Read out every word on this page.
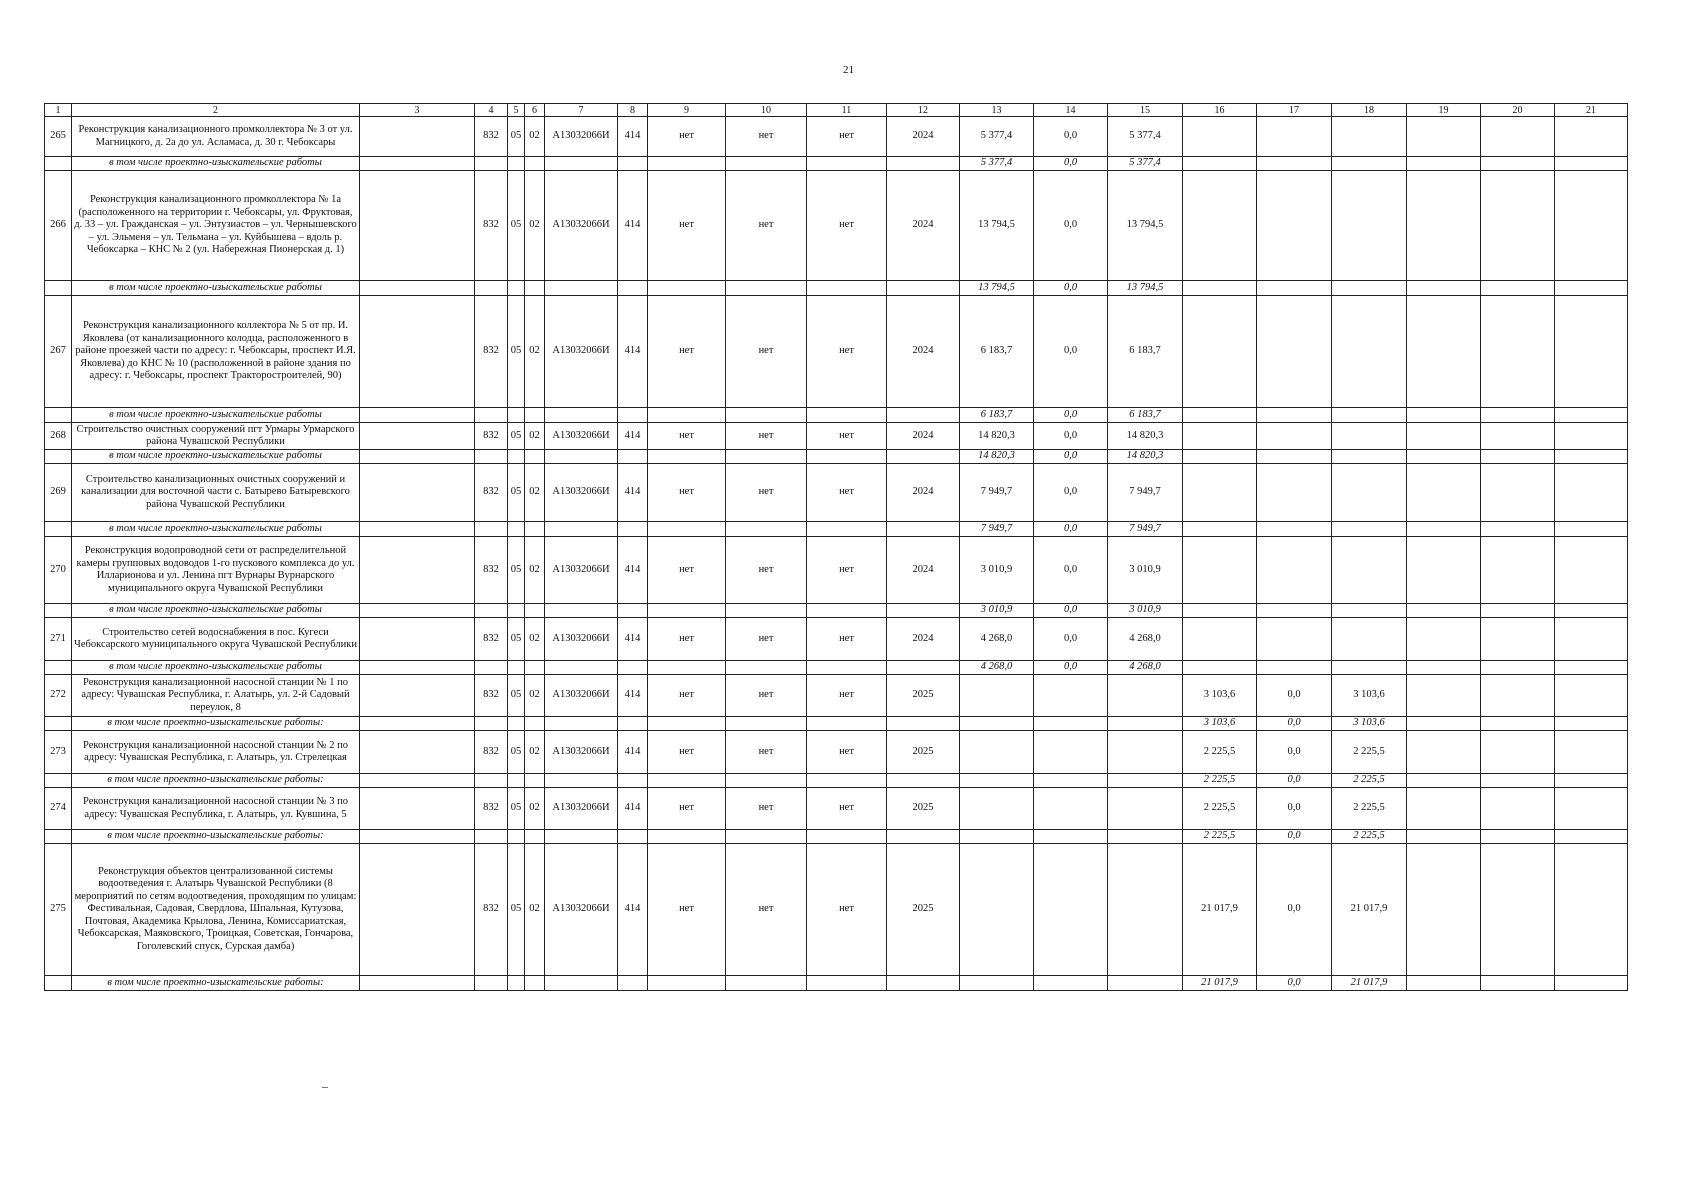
21
1	2	3	4	5	6	7	8	9	10	11	12	13	14	15	16	17	18	19	20	21
265	Реконструкция канализационного промколлектора № 3 от ул. Магницкого, д. 2а до ул. Асламаса, д. 30 г. Чебоксары		832	05	02	А13032066И	414	нет	нет	нет	2024	5 377,4	0,0	5 377,4						
	в том числе проектно-изыскательские работы											5 377,4	0,0	5 377,4						
266	Реконструкция канализационного промколлектора № 1а (расположенного на территории г. Чебоксары, ул. Фруктовая, д. 33 – ул. Гражданская – ул. Энтузиастов – ул. Чернышевского – ул. Эльменя – ул. Тельмана – ул. Куйбышева – вдоль р. Чебоксарка – КНС № 2 (ул. Набережная Пионерская д. 1)		832	05	02	А13032066И	414	нет	нет	нет	2024	13 794,5	0,0	13 794,5						
	в том числе проектно-изыскательские работы											13 794,5	0,0	13 794,5						
267	Реконструкция канализационного коллектора № 5 от пр. И. Яковлева (от канализационного колодца, расположенного в районе проезжей части по адресу: г. Чебоксары, проспект И.Я. Яковлева) до КНС № 10 (расположенной в районе здания по адресу: г. Чебоксары, проспект Тракторостроителей, 90)		832	05	02	А13032066И	414	нет	нет	нет	2024	6 183,7	0,0	6 183,7						
	в том числе проектно-изыскательские работы											6 183,7	0,0	6 183,7						
268	Строительство очистных сооружений пгт Урмары Урмарского района Чувашской Республики		832	05	02	А13032066И	414	нет	нет	нет	2024	14 820,3	0,0	14 820,3						
	в том числе проектно-изыскательские работы											14 820,3	0,0	14 820,3						
269	Строительство канализационных очистных сооружений и канализации для восточной части с. Батырево Батыревского района Чувашской Республики		832	05	02	А13032066И	414	нет	нет	нет	2024	7 949,7	0,0	7 949,7						
	в том числе проектно-изыскательские работы											7 949,7	0,0	7 949,7						
270	Реконструкция водопроводной сети от распределительной камеры групповых водоводов 1-го пускового комплекса до ул. Илларионова и ул. Ленина пгт Вурнары Вурнарского муниципального округа Чувашской Республики		832	05	02	А13032066И	414	нет	нет	нет	2024	3 010,9	0,0	3 010,9						
	в том числе проектно-изыскательские работы											3 010,9	0,0	3 010,9						
271	Строительство сетей водоснабжения в пос. Кугеси Чебоксарского муниципального округа Чувашской Республики		832	05	02	А13032066И	414	нет	нет	нет	2024	4 268,0	0,0	4 268,0						
	в том числе проектно-изыскательские работы											4 268,0	0,0	4 268,0						
272	Реконструкция канализационной насосной станции № 1 по адресу: Чувашская Республика, г. Алатырь, ул. 2-й Садовый переулок, 8		832	05	02	А13032066И	414	нет	нет	нет	2025				3 103,6	0,0	3 103,6			
	в том числе проектно-изыскательские работы:														3 103,6	0,0	3 103,6			
273	Реконструкция канализационной насосной станции № 2 по адресу: Чувашская Республика, г. Алатырь, ул. Стрелецкая		832	05	02	А13032066И	414	нет	нет	нет	2025				2 225,5	0,0	2 225,5			
	в том числе проектно-изыскательские работы:														2 225,5	0,0	2 225,5			
274	Реконструкция канализационной насосной станции № 3 по адресу: Чувашская Республика, г. Алатырь, ул. Кувшина, 5		832	05	02	А13032066И	414	нет	нет	нет	2025				2 225,5	0,0	2 225,5			
	в том числе проектно-изыскательские работы:														2 225,5	0,0	2 225,5			
275	Реконструкция объектов централизованной системы водоотведения г. Алатырь Чувашской Республики (8 мероприятий по сетям водоотведения, проходящим по улицам: Фестивальная, Садовая, Свердлова, Шпальная, Кутузова, Почтовая, Академика Крылова, Ленина, Комиссариатская, Чебоксарская, Маяковского, Троицкая, Советская, Гончарова, Гоголевский спуск, Сурская дамба)		832	05	02	А13032066И	414	нет	нет	нет	2025				21 017,9	0,0	21 017,9			
	в том числе проектно-изыскательские работы:														21 017,9	0,0	21 017,9			
